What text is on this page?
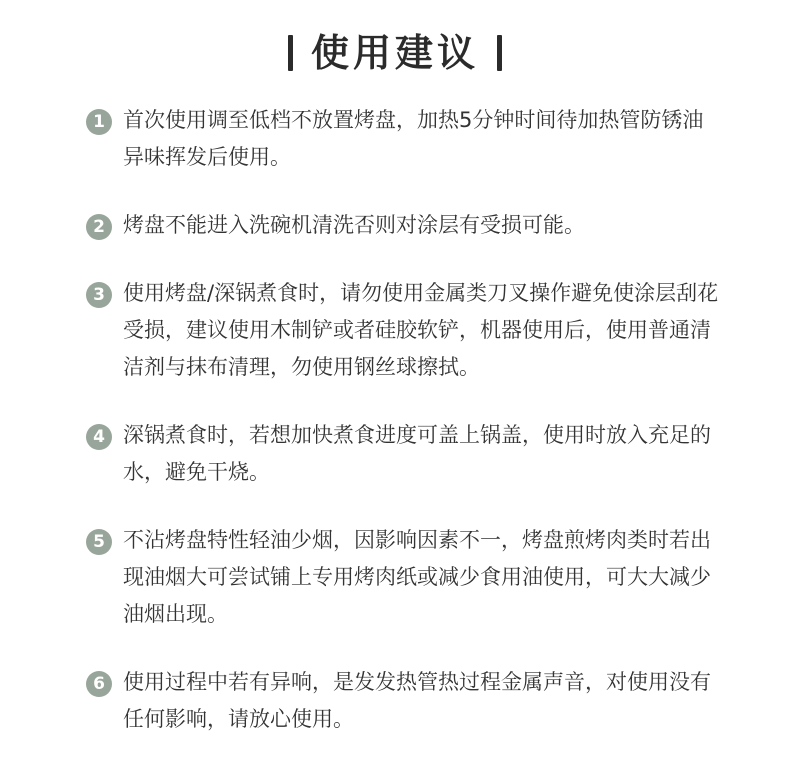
使用建议
1 首次使用调至低档不放置烤盘，加热5分钟时间待加热管防锈油异味挥发后使用。
2 烤盘不能进入洗碗机清洗否则对涂层有受损可能。
3 使用烤盘/深锅煮食时，请勿使用金属类刀叉操作避免使涂层刮花受损，建议使用木制铲或者硅胶软铲，机器使用后，使用普通清洁剂与抹布清理，勿使用钢丝球擦拭。
4 深锅煮食时，若想加快煮食进度可盖上锅盖，使用时放入充足的水，避免干烧。
5 不沾烤盘特性轻油少烟，因影响因素不一，烤盘煎烤肉类时若出现油烟大可尝试铺上专用烤肉纸或减少食用油使用，可大大减少油烟出现。
6 使用过程中若有异响，是发发热管热过程金属声音，对使用没有任何影响，请放心使用。
